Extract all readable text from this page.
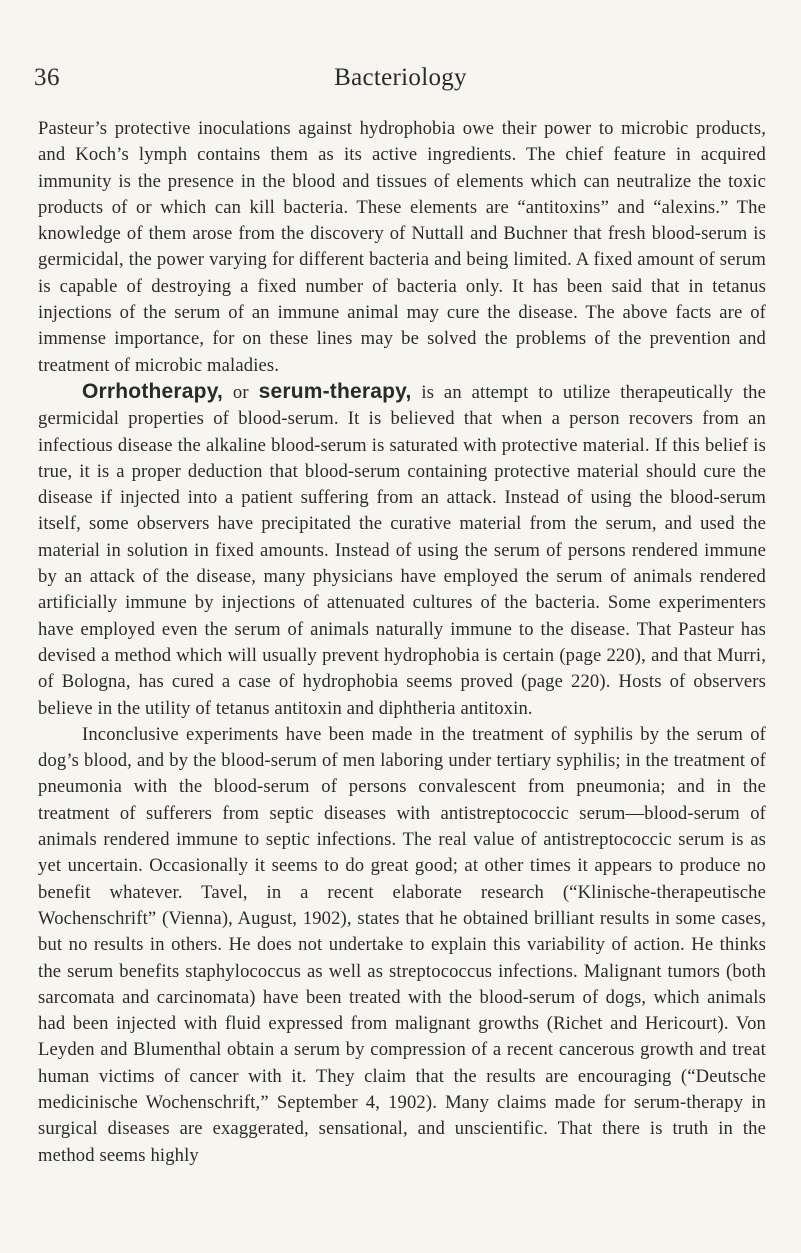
36	Bacteriology

Pasteur’s protective inoculations against hydrophobia owe their power to microbic products, and Koch’s lymph contains them as its active ingredients. The chief feature in acquired immunity is the presence in the blood and tissues of elements which can neutralize the toxic products of or which can kill bacteria. These elements are “antitoxins” and “alexins.” The knowledge of them arose from the discovery of Nuttall and Buchner that fresh blood-serum is germicidal, the power varying for different bacteria and being limited. A fixed amount of serum is capable of destroying a fixed number of bacteria only. It has been said that in tetanus injections of the serum of an immune animal may cure the disease. The above facts are of immense importance, for on these lines may be solved the problems of the prevention and treatment of microbic maladies.

Orrhotherapy, or serum-therapy, is an attempt to utilize therapeutically the germicidal properties of blood-serum. It is believed that when a person recovers from an infectious disease the alkaline blood-serum is saturated with protective material. If this belief is true, it is a proper deduction that blood-serum containing protective material should cure the disease if injected into a patient suffering from an attack. Instead of using the blood-serum itself, some observers have precipitated the curative material from the serum, and used the material in solution in fixed amounts. Instead of using the serum of persons rendered immune by an attack of the disease, many physicians have employed the serum of animals rendered artificially immune by injections of attenuated cultures of the bacteria. Some experimenters have employed even the serum of animals naturally immune to the disease. That Pasteur has devised a method which will usually prevent hydrophobia is certain (page 220), and that Murri, of Bologna, has cured a case of hydrophobia seems proved (page 220). Hosts of observers believe in the utility of tetanus antitoxin and diphtheria antitoxin.

Inconclusive experiments have been made in the treatment of syphilis by the serum of dog’s blood, and by the blood-serum of men laboring under tertiary syphilis; in the treatment of pneumonia with the blood-serum of persons convalescent from pneumonia; and in the treatment of sufferers from septic diseases with antistreptococcic serum—blood-serum of animals rendered immune to septic infections. The real value of antistreptococcic serum is as yet uncertain. Occasionally it seems to do great good; at other times it appears to produce no benefit whatever. Tavel, in a recent elaborate research (“Klinische-therapeutische Wochenschrift” (Vienna), August, 1902), states that he obtained brilliant results in some cases, but no results in others. He does not undertake to explain this variability of action. He thinks the serum benefits staphylococcus as well as streptococcus infections. Malignant tumors (both sarcomata and carcinomata) have been treated with the blood-serum of dogs, which animals had been injected with fluid expressed from malignant growths (Richet and Hericourt). Von Leyden and Blumenthal obtain a serum by compression of a recent cancerous growth and treat human victims of cancer with it. They claim that the results are encouraging (“Deutsche medicinische Wochenschrift,” September 4, 1902). Many claims made for serum-therapy in surgical diseases are exaggerated, sensational, and unscientific. That there is truth in the method seems highly
